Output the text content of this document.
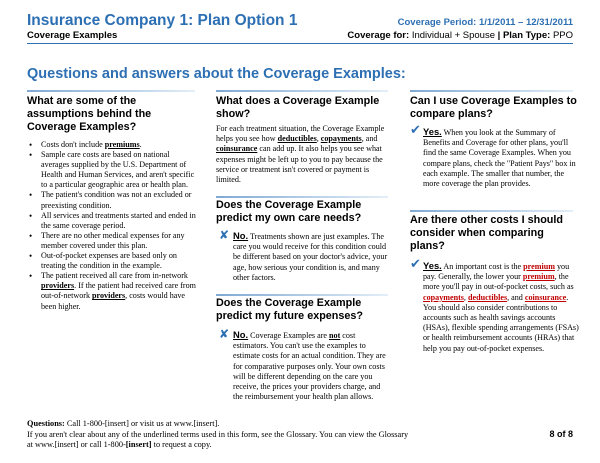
Insurance Company 1: Plan Option 1
Coverage Examples
Coverage Period: 1/1/2011 – 12/31/2011
Coverage for: Individual + Spouse | Plan Type: PPO
Questions and answers about the Coverage Examples:
What are some of the assumptions behind the Coverage Examples?
• Costs don't include premiums.
• Sample care costs are based on national averages supplied by the U.S. Department of Health and Human Services, and aren't specific to a particular geographic area or health plan.
• The patient's condition was not an excluded or preexisting condition.
• All services and treatments started and ended in the same coverage period.
• There are no other medical expenses for any member covered under this plan.
• Out-of-pocket expenses are based only on treating the condition in the example.
• The patient received all care from in-network providers. If the patient had received care from out-of-network providers, costs would have been higher.
What does a Coverage Example show?
For each treatment situation, the Coverage Example helps you see how deductibles, copayments, and coinsurance can add up. It also helps you see what expenses might be left up to you to pay because the service or treatment isn't covered or payment is limited.
Does the Coverage Example predict my own care needs?
✘ No. Treatments shown are just examples. The care you would receive for this condition could be different based on your doctor's advice, your age, how serious your condition is, and many other factors.
Does the Coverage Example predict my future expenses?
✘ No. Coverage Examples are not cost estimators. You can't use the examples to estimate costs for an actual condition. They are for comparative purposes only. Your own costs will be different depending on the care you receive, the prices your providers charge, and the reimbursement your health plan allows.
Can I use Coverage Examples to compare plans?
✔ Yes. When you look at the Summary of Benefits and Coverage for other plans, you'll find the same Coverage Examples. When you compare plans, check the "Patient Pays" box in each example. The smaller that number, the more coverage the plan provides.
Are there other costs I should consider when comparing plans?
✔ Yes. An important cost is the premium you pay. Generally, the lower your premium, the more you'll pay in out-of-pocket costs, such as copayments, deductibles, and coinsurance. You should also consider contributions to accounts such as health savings accounts (HSAs), flexible spending arrangements (FSAs) or health reimbursement accounts (HRAs) that help you pay out-of-pocket expenses.
Questions: Call 1-800-[insert] or visit us at www.[insert].
If you aren't clear about any of the underlined terms used in this form, see the Glossary. You can view the Glossary
at www.[insert] or call 1-800-[insert] to request a copy.
8 of 8
